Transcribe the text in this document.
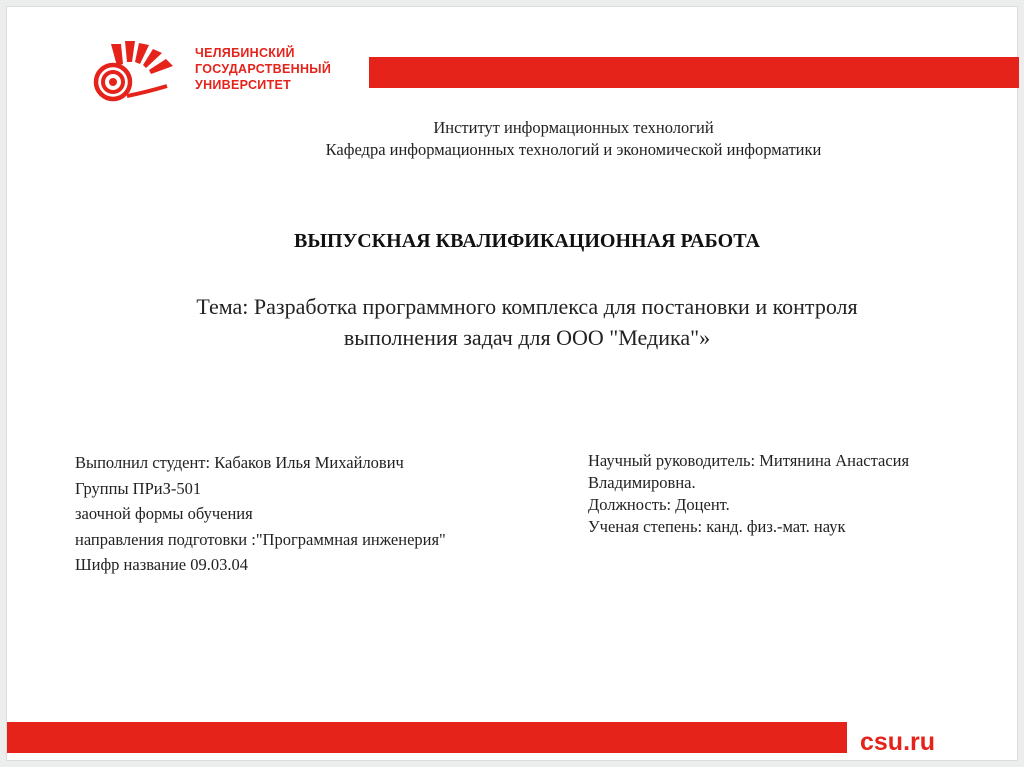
ЧЕЛЯБИНСКИЙ
ГОСУДАРСТВЕННЫЙ
УНИВЕРСИТЕТ
Институт информационных технологий
Кафедра информационных технологий и экономической информатики
ВЫПУСКНАЯ КВАЛИФИКАЦИОННАЯ РАБОТА
Тема: Разработка программного комплекса для постановки и контроля
выполнения задач для ООО "Медика"»
Выполнил студент: Кабаков Илья Михайлович
Группы ПРиЗ-501
заочной формы обучения
направления подготовки :"Программная инженерия"
Шифр название 09.03.04
Научный руководитель: Митянина Анастасия
Владимировна.
Должность: Доцент.
Ученая степень: канд. физ.-мат. наук
csu.ru
